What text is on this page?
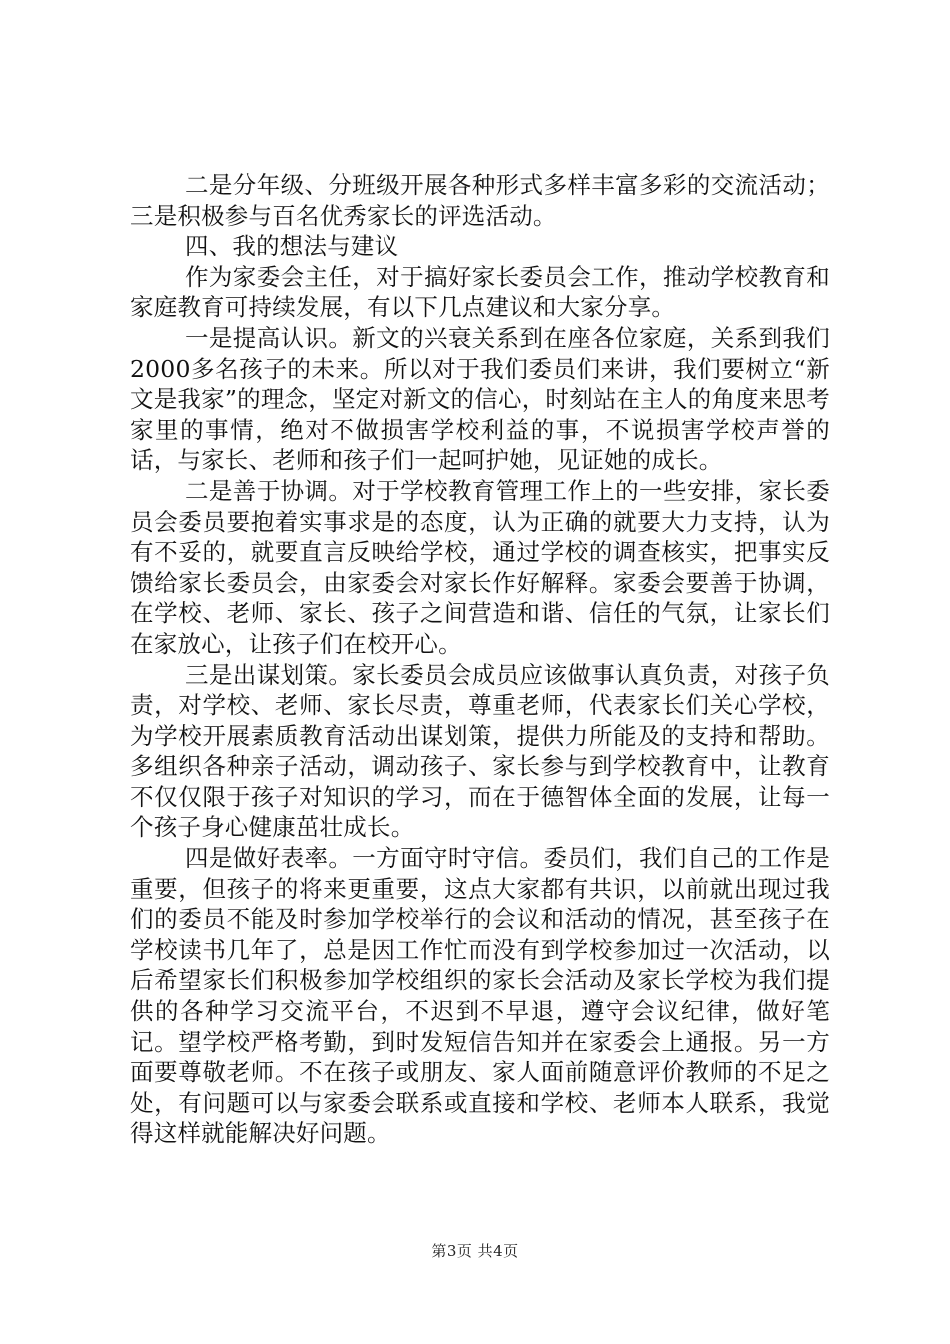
二是分年级、分班级开展各种形式多样丰富多彩的交流活动；三是积极参与百名优秀家长的评选活动。

四、我的想法与建议

作为家委会主任，对于搞好家长委员会工作，推动学校教育和家庭教育可持续发展，有以下几点建议和大家分享。

一是提高认识。新文的兴衰关系到在座各位家庭，关系到我们2000多名孩子的未来。所以对于我们委员们来讲，我们要树立“新文是我家”的理念，坚定对新文的信心，时刻站在主人的角度来思考家里的事情，绝对不做损害学校利益的事，不说损害学校声誉的话，与家长、老师和孩子们一起呵护她，见证她的成长。

二是善于协调。对于学校教育管理工作上的一些安排，家长委员会委员要抱着实事求是的态度，认为正确的就要大力支持，认为有不妥的，就要直言反映给学校，通过学校的调查核实，把事实反馈给家长委员会，由家委会对家长作好解释。家委会要善于协调，在学校、老师、家长、孩子之间营造和谐、信任的气氛，让家长们在家放心，让孩子们在校开心。

三是出谋划策。家长委员会成员应该做事认真负责，对孩子负责，对学校、老师、家长尽责，尊重老师，代表家长们关心学校，为学校开展素质教育活动出谋划策，提供力所能及的支持和帮助。多组织各种亲子活动，调动孩子、家长参与到学校教育中，让教育不仅仅限于孩子对知识的学习，而在于德智体全面的发展，让每一个孩子身心健康茁壮成长。

四是做好表率。一方面守时守信。委员们，我们自己的工作是重要，但孩子的将来更重要，这点大家都有共识，以前就出现过我们的委员不能及时参加学校举行的会议和活动的情况，甚至孩子在学校读书几年了，总是因工作忙而没有到学校参加过一次活动，以后希望家长们积极参加学校组织的家长会活动及家长学校为我们提供的各种学习交流平台，不迟到不早退，遵守会议纪律，做好笔记。望学校严格考勤，到时发短信告知并在家委会上通报。另一方面要尊敬老师。不在孩子或朋友、家人面前随意评价教师的不足之处，有问题可以与家委会联系或直接和学校、老师本人联系，我觉得这样就能解决好问题。

第3页 共4页
